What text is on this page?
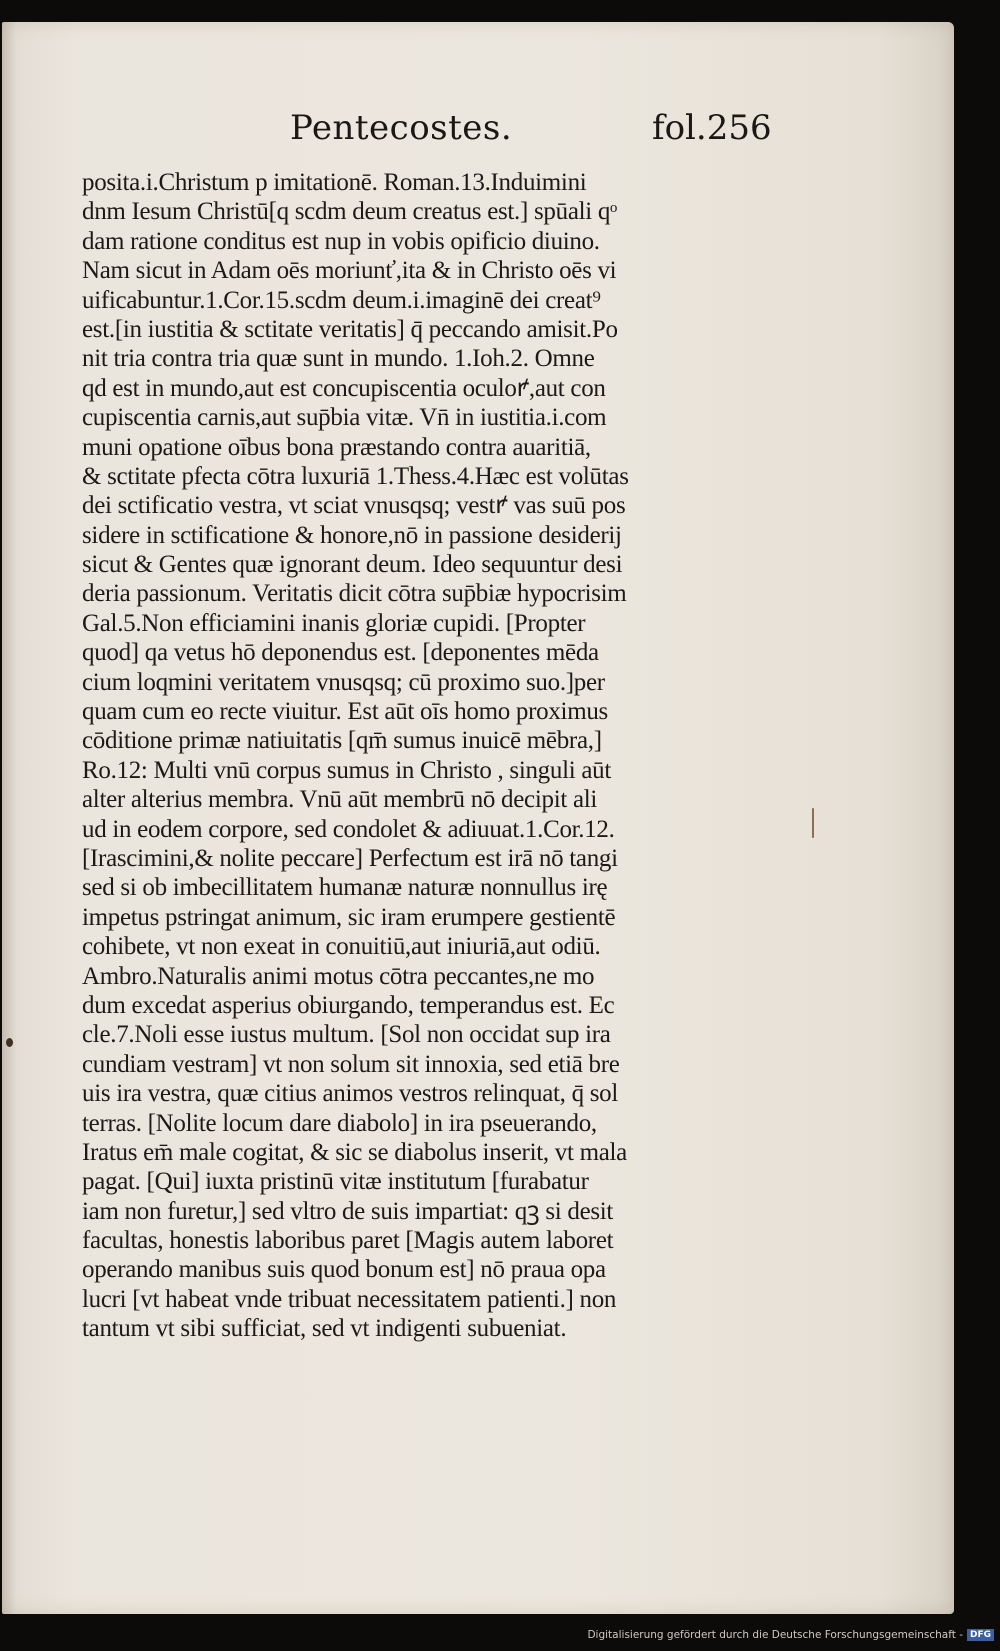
Pentecostes.	fol.256
posita.i.Christum p imitationē. Roman.13.Induimini
dnm Iesum Christū[q scdm deum creatus est.] spūali qᵒ
dam ratione conditus est nup in vobis opificio diuino.
Nam sicut in Adam oēs moriunť,ita & in Christo oēs vi
uificabuntur.1.Cor.15.scdm deum.i.imaginē dei creat⁹
est.[in iustitia & sctitate veritatis] q̄ peccando amisit.Po
nit tria contra tria quæ sunt in mundo. 1.Ioh.2. Omne
qd est in mundo,aut est concupiscentia oculoꝵ,aut con
cupiscentia carnis,aut sup̄bia vitæ. Vn̄ in iustitia.i.com
muni opatione oībus bona præstando contra auaritiā,
& sctitate pfecta cōtra luxuriā 1.Thess.4.Hæc est volūtas
dei sctificatio vestra, vt sciat vnusqsq; vestꝵ vas suū pos
sidere in sctificatione & honore,nō in passione desiderij
sicut & Gentes quæ ignorant deum. Ideo sequuntur desi
deria passionum. Veritatis dicit cōtra sup̄biæ hypocrisim
Gal.5.Non efficiamini inanis gloriæ cupidi. [Propter
quod] qa vetus hō deponendus est. [deponentes mēda
cium loqmini veritatem vnusqsq; cū proximo suo.]per
quam cum eo recte viuitur. Est aūt oīs homo proximus
cōditione primæ natiuitatis [qm̄ sumus inuicē mēbra,]
Ro.12: Multi vnū corpus sumus in Christo , singuli aūt
alter alterius membra. Vnū aūt membrū nō decipit ali
ud in eodem corpore, sed condolet & adiuuat.1.Cor.12.
[Irascimini,& nolite peccare] Perfectum est irā nō tangi
sed si ob imbecillitatem humanæ naturæ nonnullus irę
impetus pstringat animum, sic iram erumpere gestientē
cohibete, vt non exeat in conuitiū,aut iniuriā,aut odiū.
Ambro.Naturalis animi motus cōtra peccantes,ne mo
dum excedat asperius obiurgando, temperandus est. Ec
cle.7.Noli esse iustus multum. [Sol non occidat sup ira
cundiam vestram] vt non solum sit innoxia, sed etiā bre
uis ira vestra, quæ citius animos vestros relinquat, q̄ sol
terras. [Nolite locum dare diabolo] in ira pseuerando,
Iratus em̄ male cogitat, & sic se diabolus inserit, vt mala
pagat. [Qui] iuxta pristinū vitæ institutum [furabatur
iam non furetur,] sed vltro de suis impartiat: qꝫ si desit
facultas, honestis laboribus paret [Magis autem laboret
operando manibus suis quod bonum est] nō praua opa
lucri [vt habeat vnde tribuat necessitatem patienti.] non
tantum vt sibi sufficiat, sed vt indigenti subueniat.
Digitalisierung gefördert durch die Deutsche Forschungsgemeinschaft - DFG
